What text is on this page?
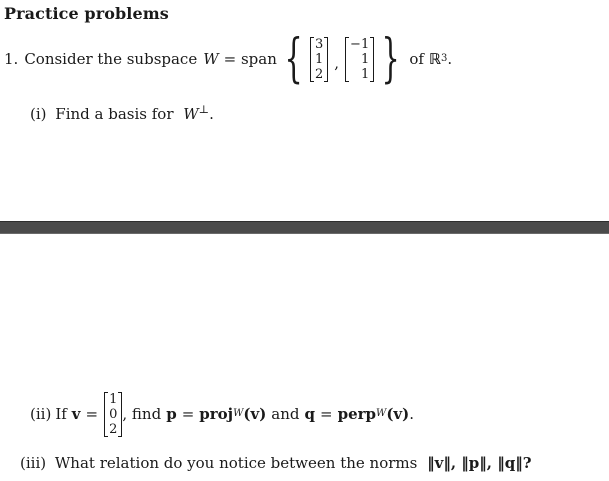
Practice problems
1. Consider the subspace W = span { 3
1
2
,
−1
1
1 } of ℝ 3 .
(i) Find a basis for W⊥.
(ii) If v =
1
0
2
, find p = proj W (v) and q = perp W (v) .
(iii) What relation do you notice between the norms ‖v‖, ‖p‖, ‖q‖?
